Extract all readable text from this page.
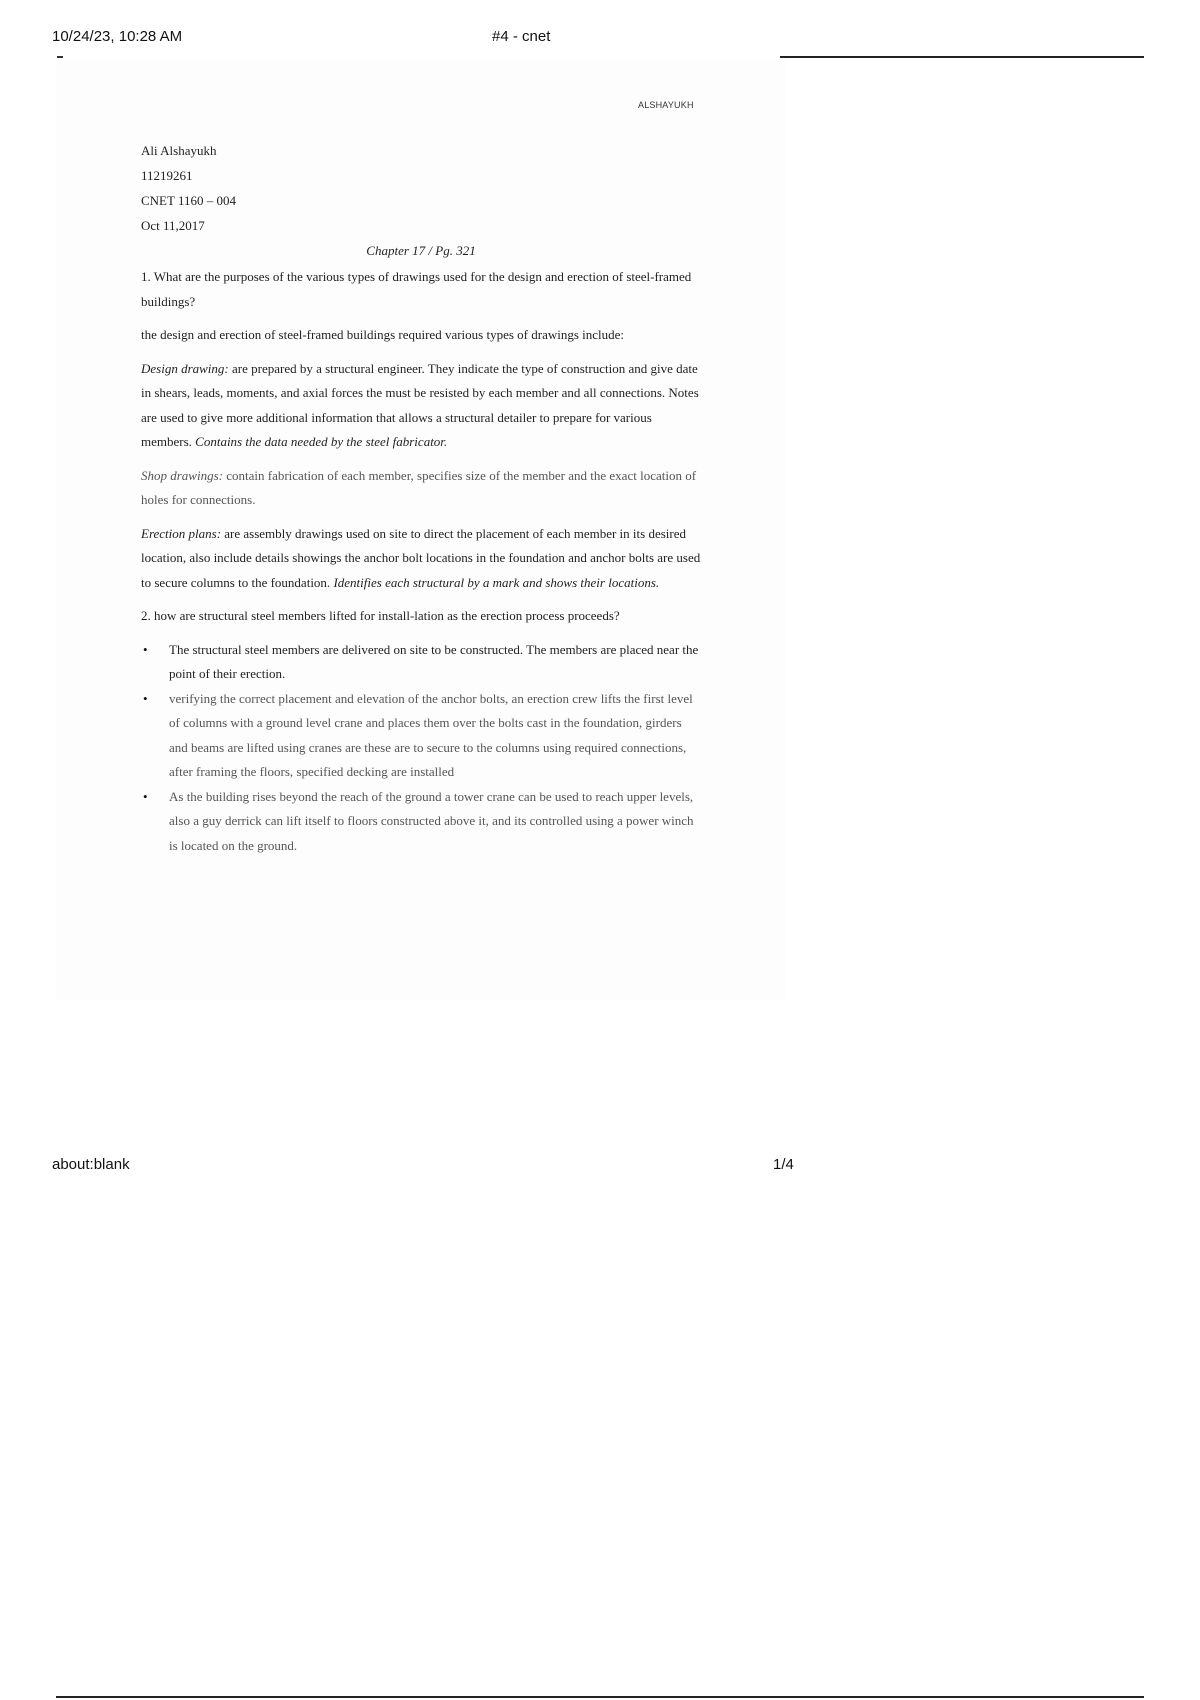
10/24/23, 10:28 AM	#4 - cnet
ALSHAYUKH
Ali Alshayukh
11219261
CNET 1160 – 004
Oct 11,2017

Chapter 17 / Pg. 321

1. What are the purposes of the various types of drawings used for the design and erection of steel-framed buildings?

the design and erection of steel-framed buildings required various types of drawings include:

Design drawing: are prepared by a structural engineer. They indicate the type of construction and give date in shears, leads, moments, and axial forces the must be resisted by each member and all connections. Notes are used to give more additional information that allows a structural detailer to prepare for various members. Contains the data needed by the steel fabricator.

Shop drawings: contain fabrication of each member, specifies size of the member and the exact location of holes for connections.

Erection plans: are assembly drawings used on site to direct the placement of each member in its desired location, also include details showings the anchor bolt locations in the foundation and anchor bolts are used to secure columns to the foundation. Identifies each structural by a mark and shows their locations.

2. how are structural steel members lifted for install-lation as the erection process proceeds?

• The structural steel members are delivered on site to be constructed. The members are placed near the point of their erection.
• verifying the correct placement and elevation of the anchor bolts, an erection crew lifts the first level of columns with a ground level crane and places them over the bolts cast in the foundation, girders and beams are lifted using cranes are these are to secure to the columns using required connections, after framing the floors, specified decking are installed
• As the building rises beyond the reach of the ground a tower crane can be used to reach upper levels, also a guy derrick can lift itself to floors constructed above it, and its controlled using a power winch is located on the ground.
about:blank	1/4
